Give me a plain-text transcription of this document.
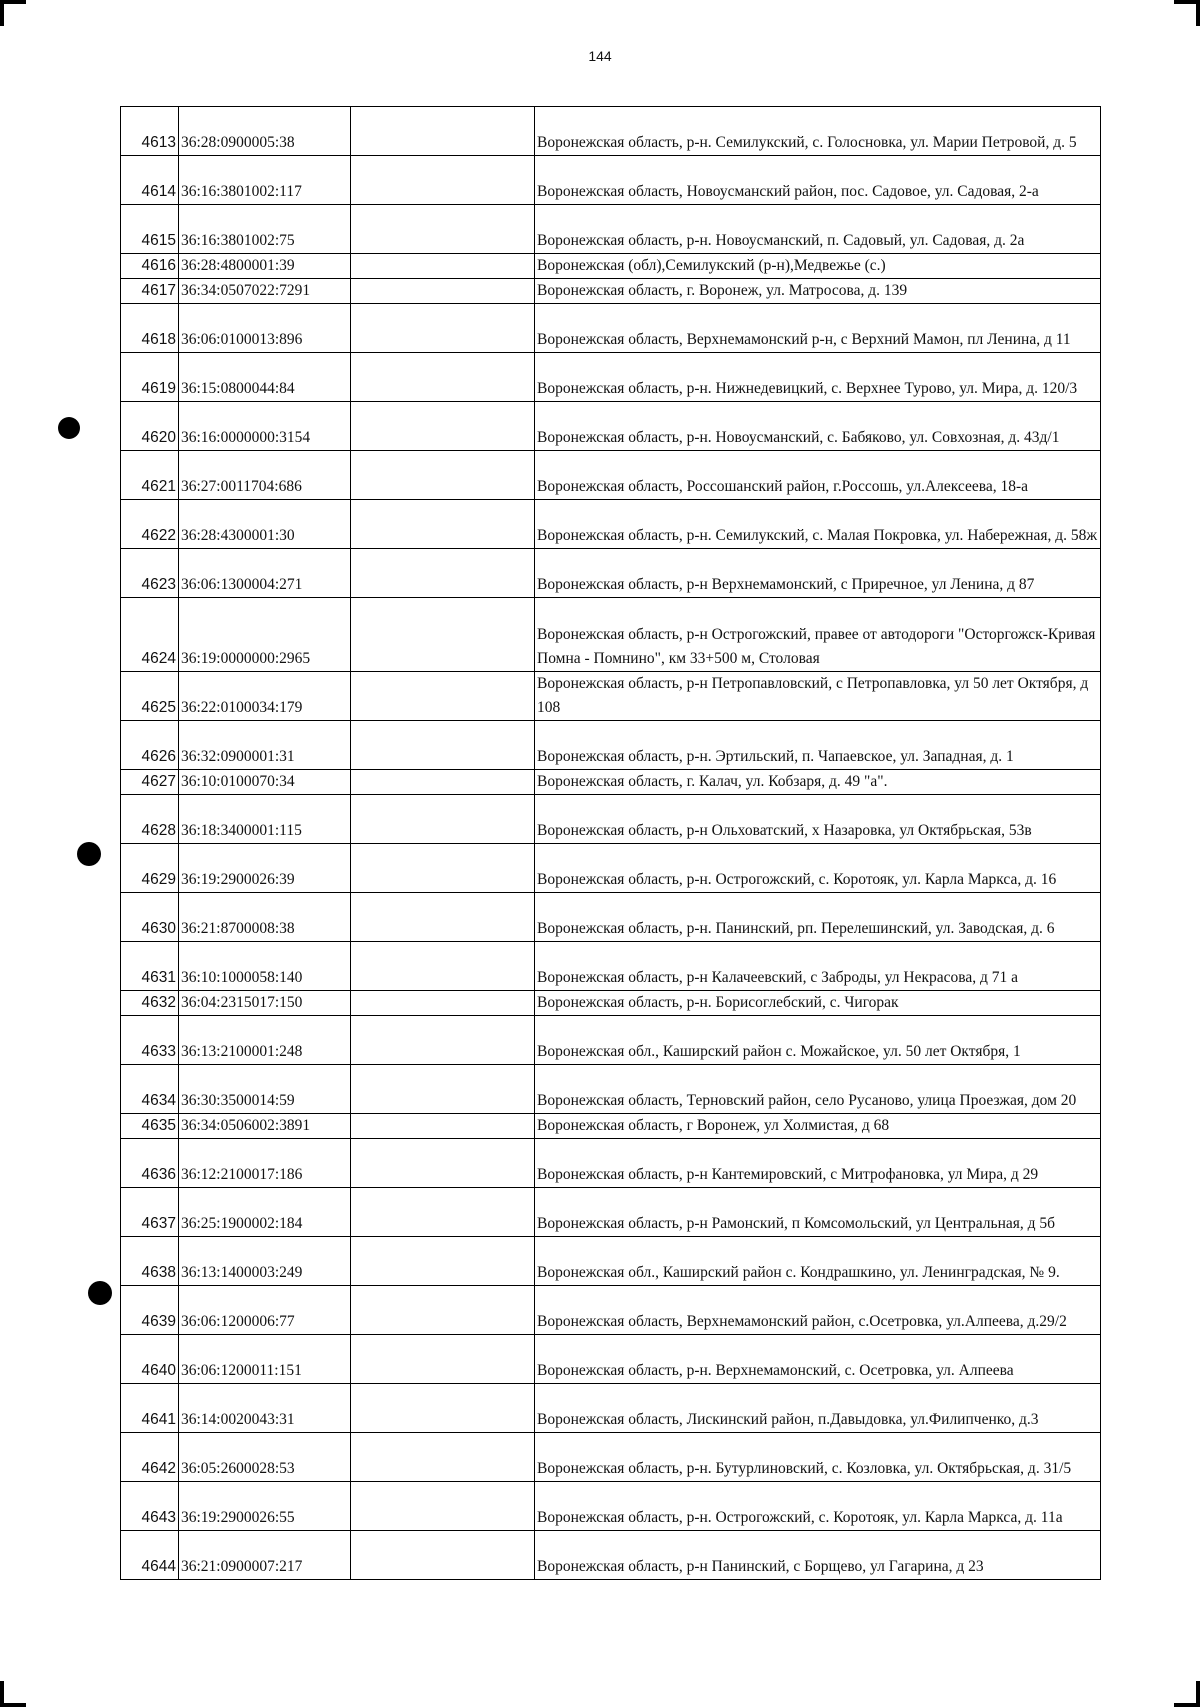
144
4613	36:28:0900005:38		Воронежская область, р-н. Семилукский, с. Голосновка, ул. Марии Петровой, д. 5
4614	36:16:3801002:117		Воронежская область, Новоусманский район, пос. Садовое, ул. Садовая, 2-а
4615	36:16:3801002:75		Воронежская область, р-н. Новоусманский, п. Садовый, ул. Садовая, д. 2а
4616	36:28:4800001:39		Воронежская (обл),Семилукский (р-н),Медвежье (с.)
4617	36:34:0507022:7291		Воронежская область, г. Воронеж, ул. Матросова, д. 139
4618	36:06:0100013:896		Воронежская область, Верхнемамонский р-н, с Верхний Мамон, пл Ленина, д 11
4619	36:15:0800044:84		Воронежская область, р-н. Нижнедевицкий, с. Верхнее Турово, ул. Мира, д. 120/3
4620	36:16:0000000:3154		Воронежская область, р-н. Новоусманский, с. Бабяково, ул. Совхозная, д. 43д/1
4621	36:27:0011704:686		Воронежская область, Россошанский район, г.Россошь, ул.Алексеева, 18-а
4622	36:28:4300001:30		Воронежская область, р-н. Семилукский, с. Малая Покровка, ул. Набережная, д. 58ж
4623	36:06:1300004:271		Воронежская область, р-н Верхнемамонский, с Приречное, ул Ленина, д 87
4624	36:19:0000000:2965		Воронежская область, р-н Острогожский, правее от автодороги "Осторгожск-Кривая Помна - Помнино", км 33+500 м, Столовая
4625	36:22:0100034:179		Воронежская область, р-н Петропавловский, с Петропавловка, ул 50 лет Октября, д 108
4626	36:32:0900001:31		Воронежская область, р-н. Эртильский, п. Чапаевское, ул. Западная, д. 1
4627	36:10:0100070:34		Воронежская область, г. Калач, ул. Кобзаря, д. 49 "а".
4628	36:18:3400001:115		Воронежская область, р-н Ольховатский, х Назаровка, ул Октябрьская, 53в
4629	36:19:2900026:39		Воронежская область, р-н. Острогожский, с. Коротояк, ул. Карла Маркса, д. 16
4630	36:21:8700008:38		Воронежская область, р-н. Панинский, рп. Перелешинский, ул. Заводская, д. 6
4631	36:10:1000058:140		Воронежская область, р-н Калачеевский, с Заброды, ул Некрасова, д 71 а
4632	36:04:2315017:150		Воронежская область, р-н. Борисоглебский, с. Чигорак
4633	36:13:2100001:248		Воронежская обл., Каширский район с. Можайское, ул. 50 лет Октября, 1
4634	36:30:3500014:59		Воронежская область, Терновский район, село Русаново, улица Проезжая, дом 20
4635	36:34:0506002:3891		Воронежская область, г Воронеж, ул Холмистая, д 68
4636	36:12:2100017:186		Воронежская область, р-н Кантемировский, с Митрофановка, ул Мира, д 29
4637	36:25:1900002:184		Воронежская область, р-н Рамонский, п Комсомольский, ул Центральная, д 5б
4638	36:13:1400003:249		Воронежская обл., Каширский район с. Кондрашкино, ул. Ленинградская, № 9.
4639	36:06:1200006:77		Воронежская область, Верхнемамонский район, с.Осетровка, ул.Алпеева, д.29/2
4640	36:06:1200011:151		Воронежская область, р-н. Верхнемамонский, с. Осетровка, ул. Алпеева
4641	36:14:0020043:31		Воронежская область, Лискинский район, п.Давыдовка, ул.Филипченко, д.3
4642	36:05:2600028:53		Воронежская область, р-н. Бутурлиновский, с. Козловка, ул. Октябрьская, д. 31/5
4643	36:19:2900026:55		Воронежская область, р-н. Острогожский, с. Коротояк, ул. Карла Маркса, д. 11а
4644	36:21:0900007:217		Воронежская область, р-н Панинский, с Борщево, ул Гагарина, д 23
